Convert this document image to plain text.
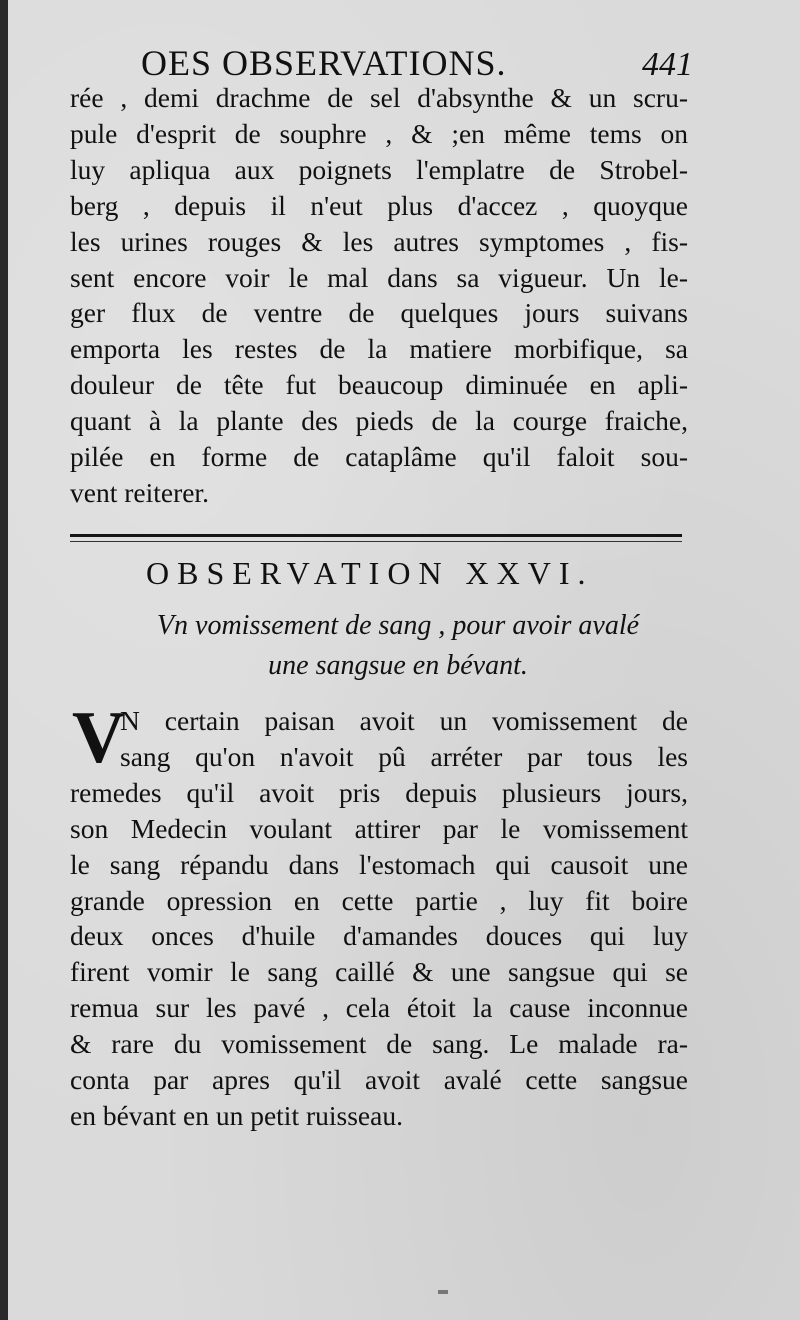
OES OBSERVATIONS.	441
rée , demi drachme de sel d'absynthe & un scru-
pule d'esprit de souphre , & ;en même tems on
luy apliqua aux poignets l'emplatre de Strobel-
berg , depuis il n'eut plus d'accez , quoyque
les urines rouges & les autres symptomes , fis-
sent encore voir le mal dans sa vigueur. Un le-
ger flux de ventre de quelques jours suivans
emporta les restes de la matiere morbifique, sa
douleur de tête fut beaucoup diminuée en apli-
quant à la plante des pieds de la courge fraiche,
pilée en forme de cataplâme qu'il faloit sou-
vent reiterer.
OBSERVATION XXVI.
Vn vomissement de sang , pour avoir avalé
une sangsue en bévant.
V
N certain paisan avoit un vomissement de
sang qu'on n'avoit pû arréter par tous les
remedes qu'il avoit pris depuis plusieurs jours,
son Medecin voulant attirer par le vomissement
le sang répandu dans l'estomach qui causoit une
grande opression en cette partie , luy fit boire
deux onces d'huile d'amandes douces qui luy
firent vomir le sang caillé & une sangsue qui se
remua sur les pavé , cela étoit la cause inconnue
& rare du vomissement de sang. Le malade ra-
conta par apres qu'il avoit avalé cette sangsue
en bévant en un petit ruisseau.
